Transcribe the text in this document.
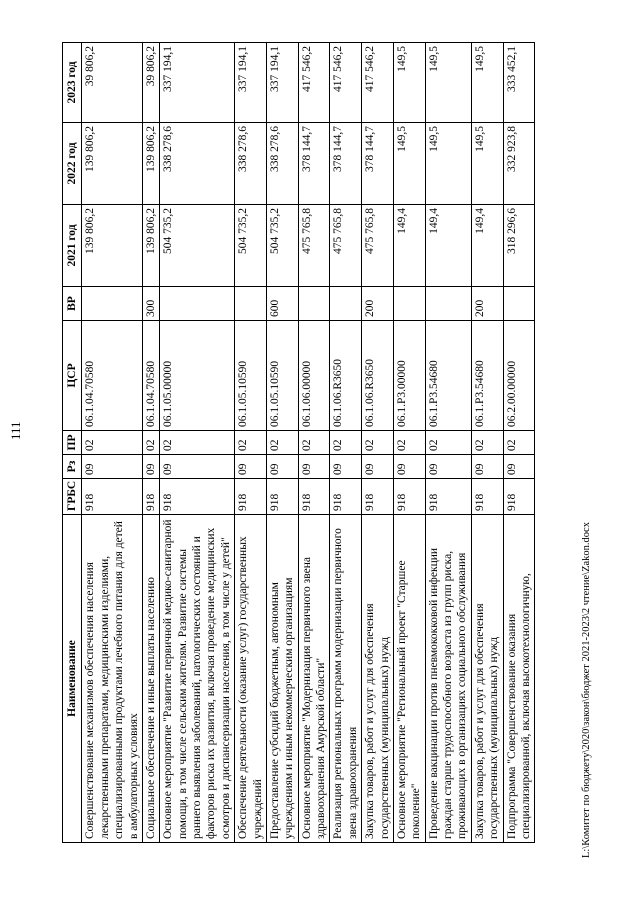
111
Наименование	ГРБС	Рз	ПР	ЦСР	ВР	2021 год	2022 год	2023 год
Совершенствование механизмов обеспечения населения лекарственными препаратами, медицинскими изделиями, специализированными продуктами лечебного питания для детей в амбулаторных условиях	918	09	02	06.1.04.70580		139 806,2	139 806,2	39 806,2
Социальное обеспечение и иные выплаты населению	918	09	02	06.1.04.70580	300	139 806,2	139 806,2	39 806,2
Основное мероприятие "Развитие первичной медико-санитарной помощи, в том числе сельским жителям. Развитие системы раннего выявления заболеваний, патологических состояний и факторов риска их развития, включая проведение медицинских осмотров и диспансеризации населения, в том числе у детей"	918	09	02	06.1.05.00000		504 735,2	338 278,6	337 194,1
Обеспечение деятельности (оказание услуг) государственных учреждений	918	09	02	06.1.05.10590		504 735,2	338 278,6	337 194,1
Предоставление субсидий бюджетным, автономным учреждениям и иным некоммерческим организациям	918	09	02	06.1.05.10590	600	504 735,2	338 278,6	337 194,1
Основное мероприятие "Модернизация первичного звена здравоохранения Амурской области"	918	09	02	06.1.06.00000		475 765,8	378 144,7	417 546,2
Реализация региональных программ модернизации первичного звена здравоохранения	918	09	02	06.1.06.R3650		475 765,8	378 144,7	417 546,2
Закупка товаров, работ и услуг для обеспечения государственных (муниципальных) нужд	918	09	02	06.1.06.R3650	200	475 765,8	378 144,7	417 546,2
Основное мероприятие "Региональный проект "Старшее поколение"	918	09	02	06.1.P3.00000		149,4	149,5	149,5
Проведение вакцинации против пневмококковой инфекции граждан старше трудоспособного возраста из групп риска, проживающих в организациях социального обслуживания	918	09	02	06.1.P3.54680		149,4	149,5	149,5
Закупка товаров, работ и услуг для обеспечения государственных (муниципальных) нужд	918	09	02	06.1.P3.54680	200	149,4	149,5	149,5
Подпрограмма "Совершенствование оказания специализированной, включая высокотехнологичную,	918	09	02	06.2.00.00000		318 296,6	332 923,8	333 452,1
L:\Комитет по бюджету\2020\закон\бюджет 2021-2023\2 чтение\Zakon.docx
